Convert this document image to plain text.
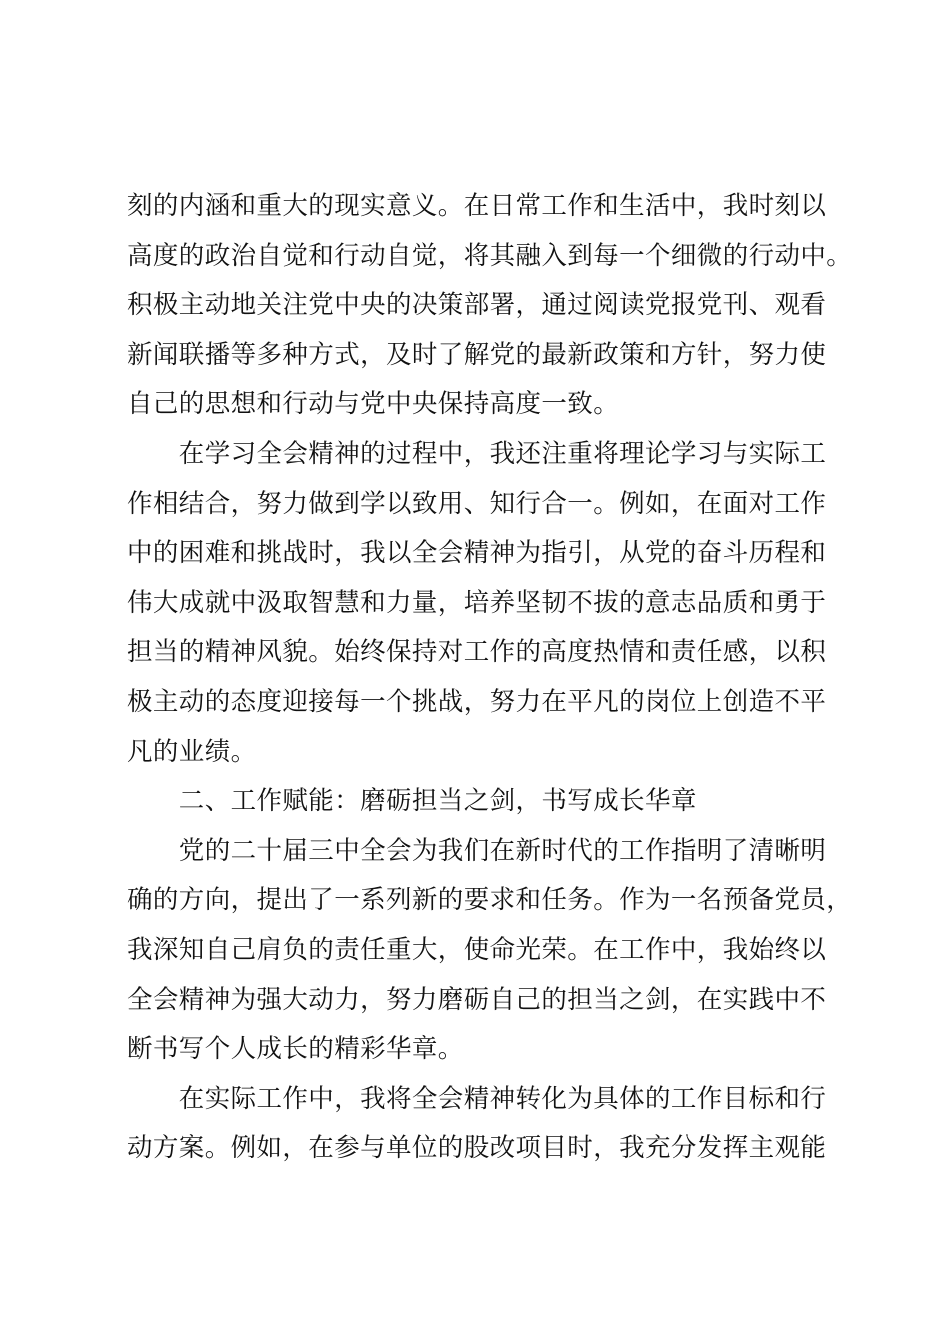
刻的内涵和重大的现实意义。在日常工作和生活中，我时刻以
高度的政治自觉和行动自觉，将其融入到每一个细微的行动中。
积极主动地关注党中央的决策部署，通过阅读党报党刊、观看
新闻联播等多种方式，及时了解党的最新政策和方针，努力使
自己的思想和行动与党中央保持高度一致。
　　在学习全会精神的过程中，我还注重将理论学习与实际工
作相结合，努力做到学以致用、知行合一。例如，在面对工作
中的困难和挑战时，我以全会精神为指引，从党的奋斗历程和
伟大成就中汲取智慧和力量，培养坚韧不拔的意志品质和勇于
担当的精神风貌。始终保持对工作的高度热情和责任感，以积
极主动的态度迎接每一个挑战，努力在平凡的岗位上创造不平
凡的业绩。
　　二、工作赋能：磨砺担当之剑，书写成长华章
　　党的二十届三中全会为我们在新时代的工作指明了清晰明
确的方向，提出了一系列新的要求和任务。作为一名预备党员，
我深知自己肩负的责任重大，使命光荣。在工作中，我始终以
全会精神为强大动力，努力磨砺自己的担当之剑，在实践中不
断书写个人成长的精彩华章。
　　在实际工作中，我将全会精神转化为具体的工作目标和行
动方案。例如，在参与单位的股改项目时，我充分发挥主观能
